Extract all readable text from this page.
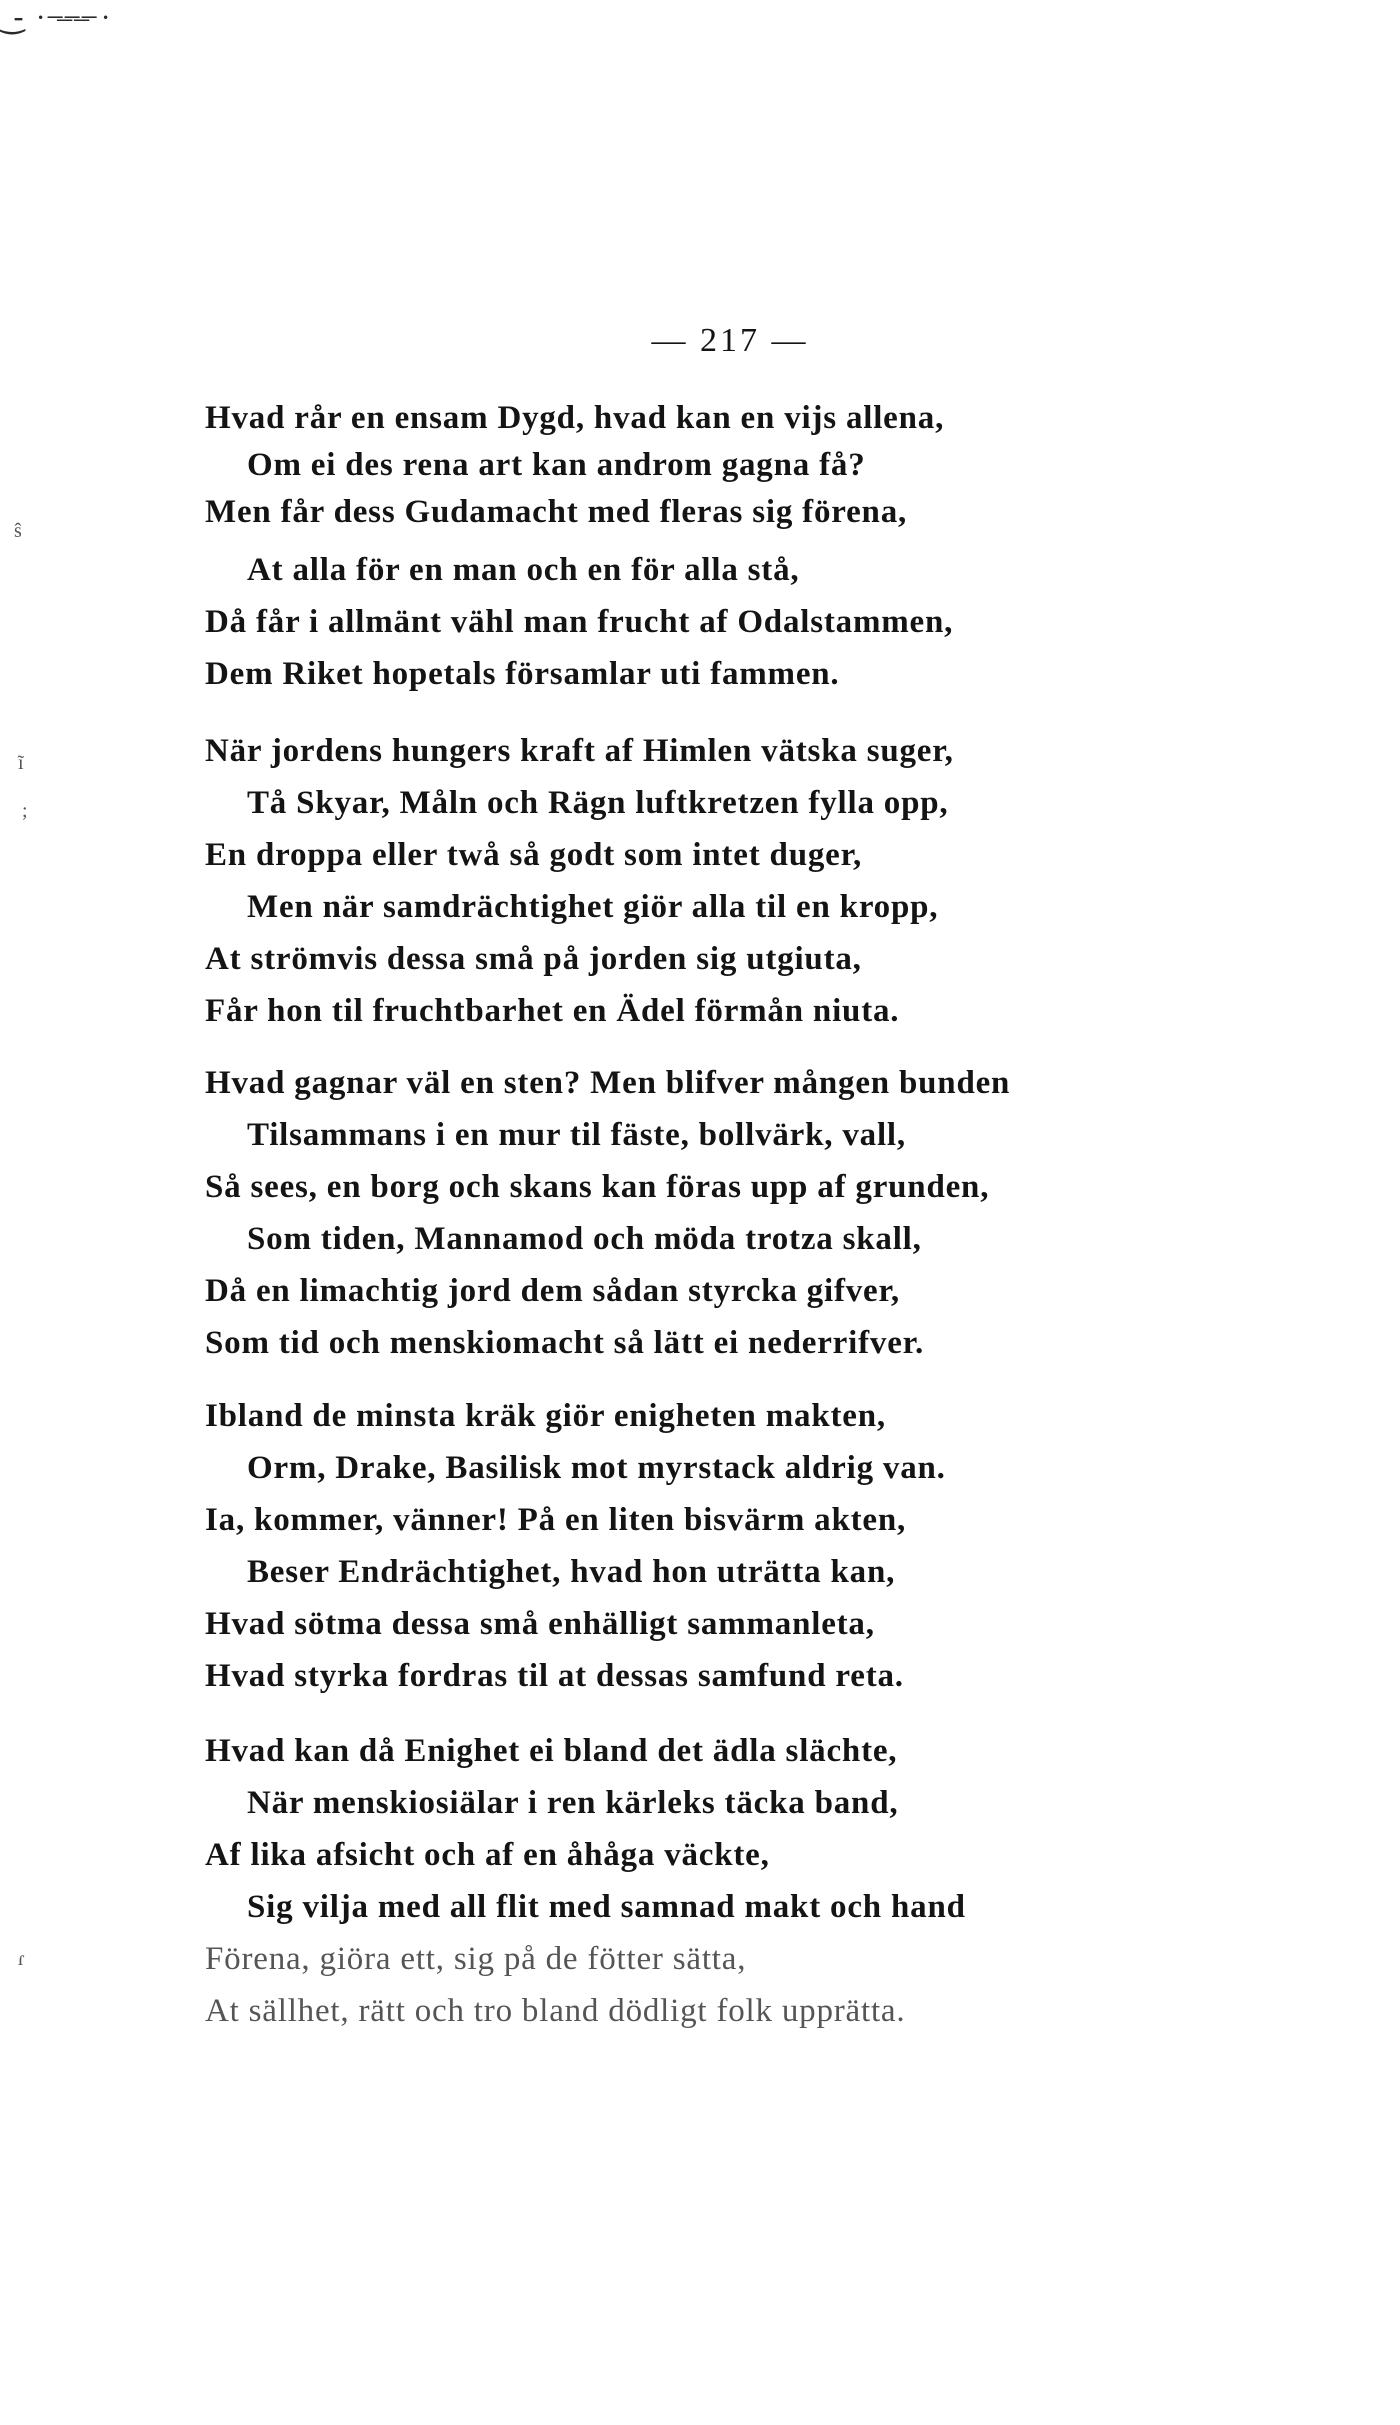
‿̵ · ̶–̶–̶ ·
— 217 —
ŝ
ĩ
;
ɾ
Hvad rår en ensam Dygd, hvad kan en vijs allena,
Om ei des rena art kan androm gagna få?
Men får dess Gudamacht med fleras sig förena,
At alla för en man och en för alla stå,
Då får i allmänt vähl man frucht af Odalstammen,
Dem Riket hopetals församlar uti fammen.
När jordens hungers kraft af Himlen vätska suger,
Tå Skyar, Måln och Rägn luftkretzen fylla opp,
En droppa eller twå så godt som intet duger,
Men när samdrächtighet giör alla til en kropp,
At strömvis dessa små på jorden sig utgiuta,
Får hon til fruchtbarhet en Ädel förmån niuta.
Hvad gagnar väl en sten? Men blifver mången bunden
Tilsammans i en mur til fäste, bollvärk, vall,
Så sees, en borg och skans kan föras upp af grunden,
Som tiden, Mannamod och möda trotza skall,
Då en limachtig jord dem sådan styrcka gifver,
Som tid och menskiomacht så lätt ei nederrifver.
Ibland de minsta kräk giör enigheten makten,
Orm, Drake, Basilisk mot myrstack aldrig van.
Ia, kommer, vänner! På en liten bisvärm akten,
Beser Endrächtighet, hvad hon uträtta kan,
Hvad sötma dessa små enhälligt sammanleta,
Hvad styrka fordras til at dessas samfund reta.
Hvad kan då Enighet ei bland det ädla slächte,
När menskiosiälar i ren kärleks täcka band,
Af lika afsicht och af en åhåga väckte,
Sig vilja med all flit med samnad makt och hand
Förena, giöra ett, sig på de fötter sätta,
At sällhet, rätt och tro bland dödligt folk upprätta.
